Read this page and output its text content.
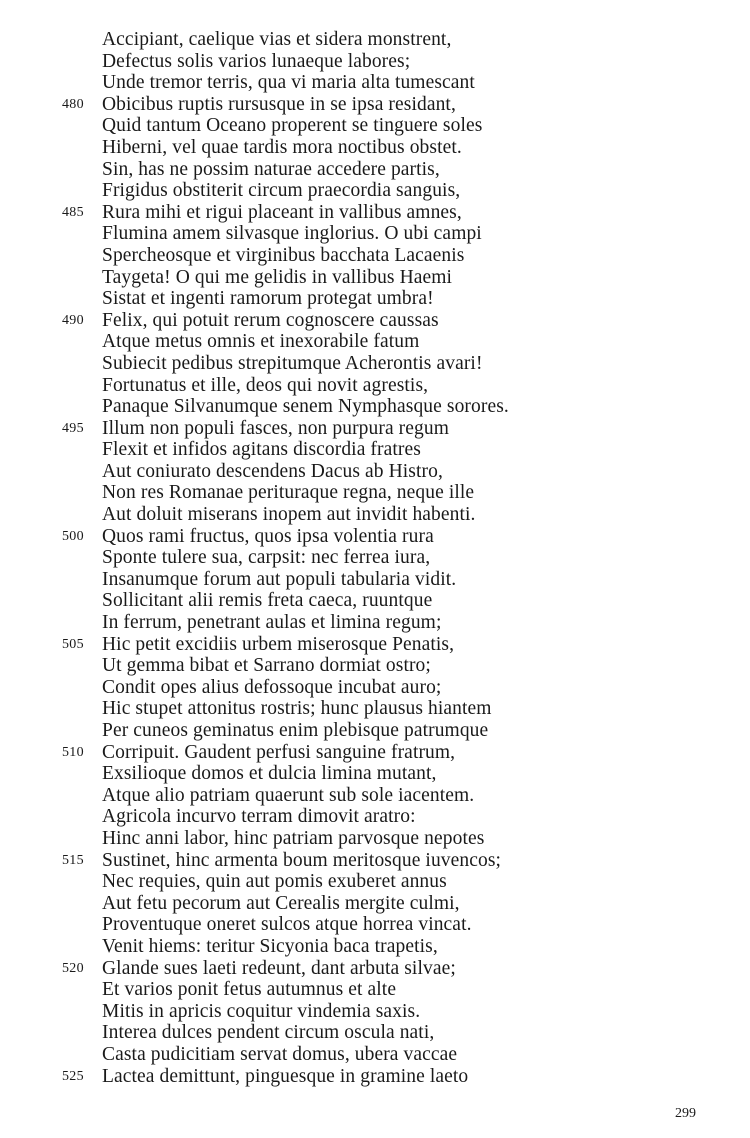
Accipiant, caelique vias et sidera monstrent,
Defectus solis varios lunaeque labores;
Unde tremor terris, qua vi maria alta tumescant
480 Obicibus ruptis rursusque in se ipsa residant,
Quid tantum Oceano properent se tinguere soles
Hiberni, vel quae tardis mora noctibus obstet.
Sin, has ne possim naturae accedere partis,
Frigidus obstiterit circum praecordia sanguis,
485 Rura mihi et rigui placeant in vallibus amnes,
Flumina amem silvasque inglorius. O ubi campi
Spercheosque et virginibus bacchata Lacaenis
Taygeta! O qui me gelidis in vallibus Haemi
Sistat et ingenti ramorum protegat umbra!
490 Felix, qui potuit rerum cognoscere caussas
Atque metus omnis et inexorabile fatum
Subiecit pedibus strepitumque Acherontis avari!
Fortunatus et ille, deos qui novit agrestis,
Panaque Silvanumque senem Nymphasque sorores.
495 Illum non populi fasces, non purpura regum
Flexit et infidos agitans discordia fratres
Aut coniurato descendens Dacus ab Histro,
Non res Romanae perituraque regna, neque ille
Aut doluit miserans inopem aut invidit habenti.
500 Quos rami fructus, quos ipsa volentia rura
Sponte tulere sua, carpsit: nec ferrea iura,
Insanumque forum aut populi tabularia vidit.
Sollicitant alii remis freta caeca, ruuntque
In ferrum, penetrant aulas et limina regum;
505 Hic petit excidiis urbem miserosque Penatis,
Ut gemma bibat et Sarrano dormiat ostro;
Condit opes alius defossoque incubat auro;
Hic stupet attonitus rostris; hunc plausus hiantem
Per cuneos geminatus enim plebisque patrumque
510 Corripuit. Gaudent perfusi sanguine fratrum,
Exsilioque domos et dulcia limina mutant,
Atque alio patriam quaerunt sub sole iacentem.
Agricola incurvo terram dimovit aratro:
Hinc anni labor, hinc patriam parvosque nepotes
515 Sustinet, hinc armenta boum meritosque iuvencos;
Nec requies, quin aut pomis exuberet annus
Aut fetu pecorum aut Cerealis mergite culmi,
Proventuque oneret sulcos atque horrea vincat.
Venit hiems: teritur Sicyonia baca trapetis,
520 Glande sues laeti redeunt, dant arbuta silvae;
Et varios ponit fetus autumnus et alte
Mitis in apricis coquitur vindemia saxis.
Interea dulces pendent circum oscula nati,
Casta pudicitiam servat domus, ubera vaccae
525 Lactea demittunt, pinguesque in gramine laeto
299
